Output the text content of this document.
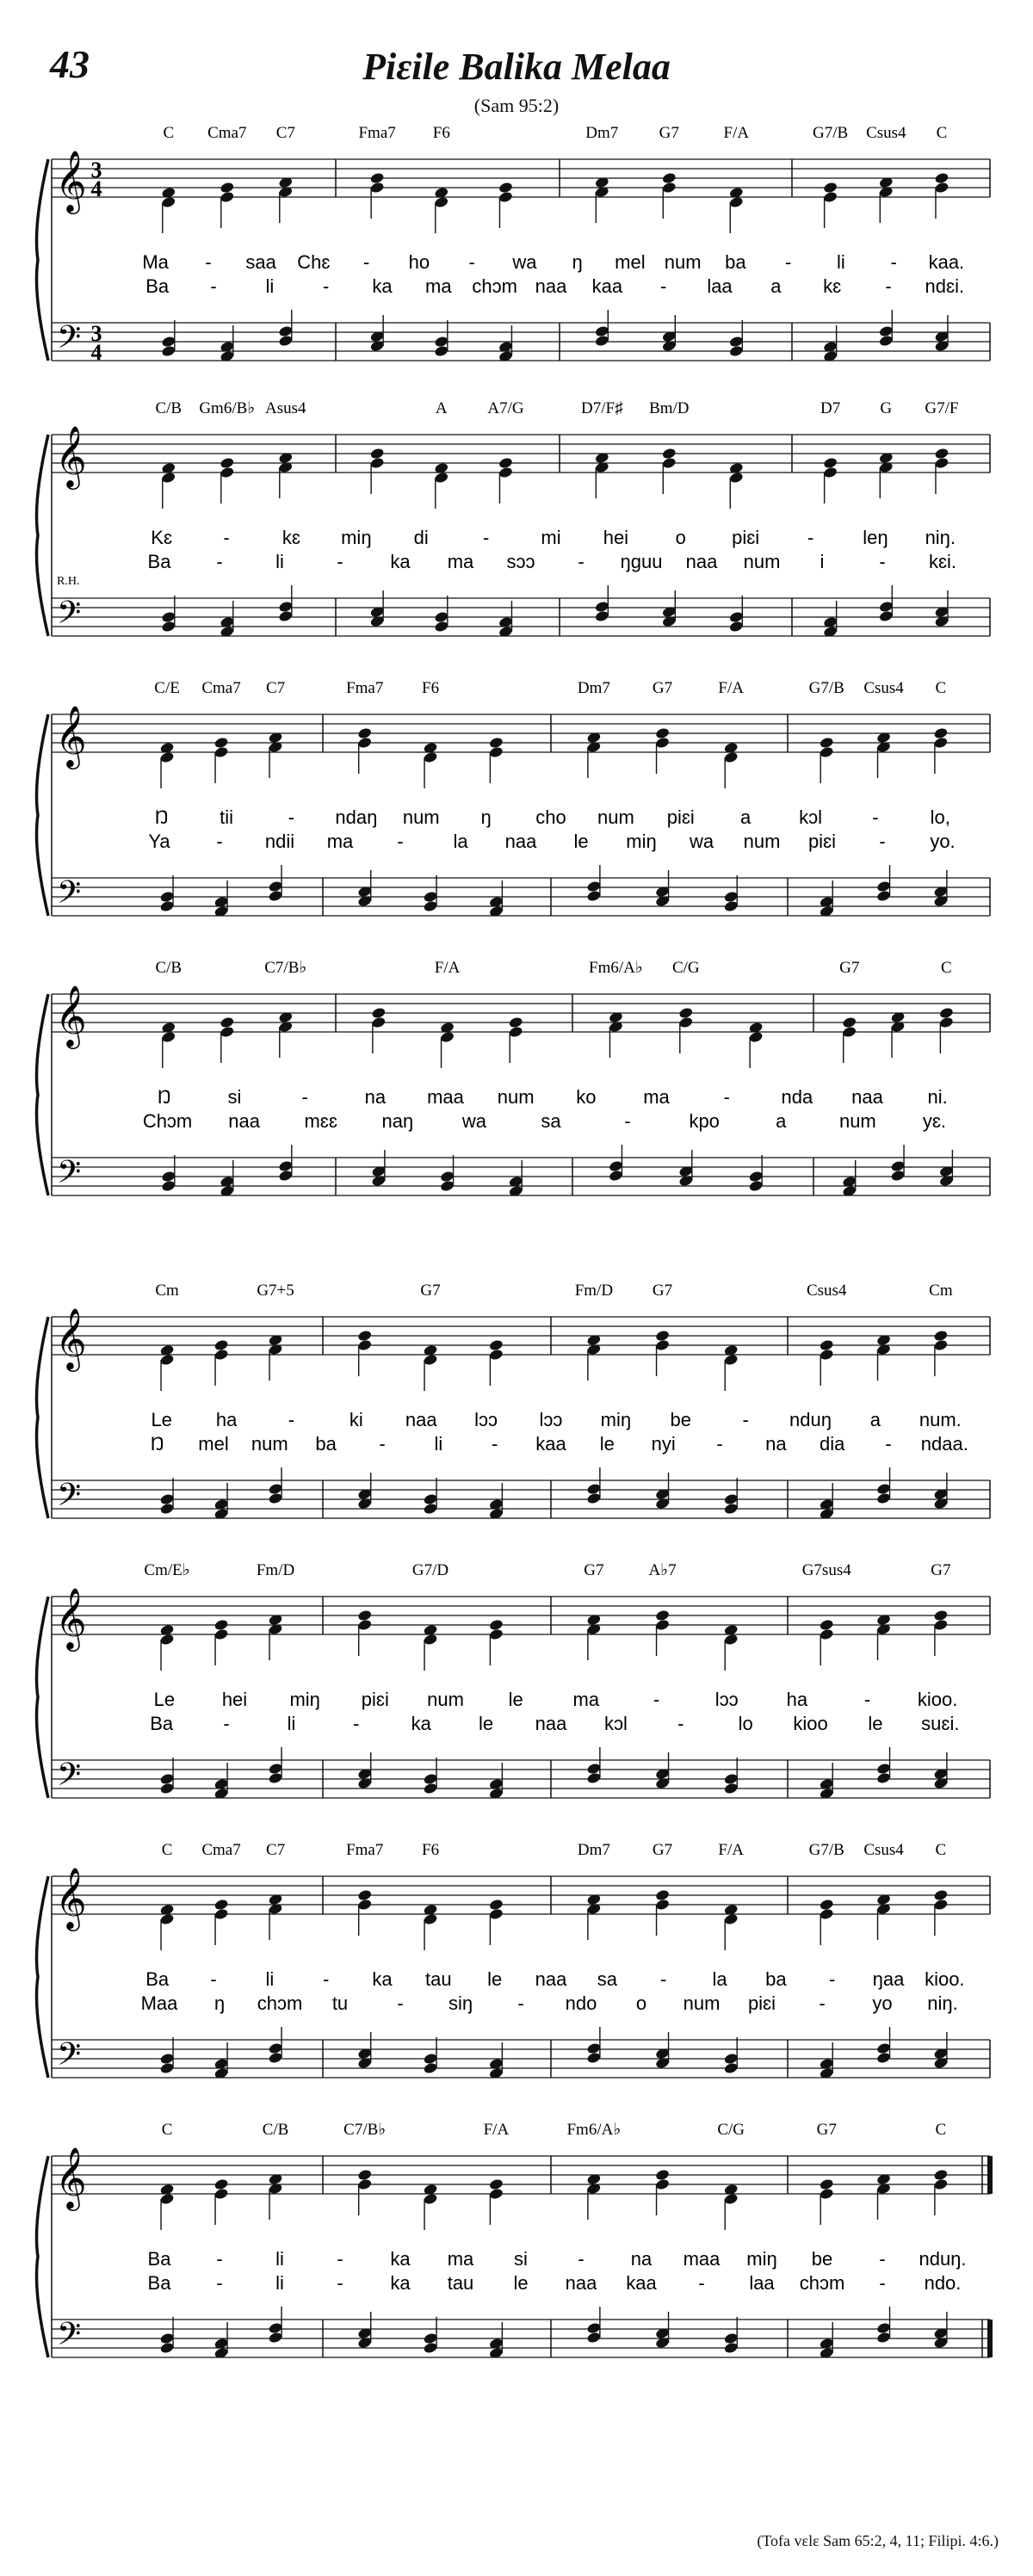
43	Piɛile Balika Melaa
(Sam 95:2)
𝄞
𝄢
3
4
3
4
C Cma7 C7	Fma7 F6	Dm7 G7	F/A	G7/B Csus4 C
Ma - saa Chɛ - ho - wa ŋ mel num ba - li - kaa.
Ba -	li	- ka ma chɔm naa kaa - laa a kɛ - ndɛi.
𝄞
𝄢
R.H.
C/B Gm6/B♭ Asus4	A A7/G	D7/F♯ Bm/D	D7 G G7/F
Kɛ	-	kɛ miŋ di	-	mi hei o piɛi	-	leŋ niŋ.
Ba -	li	- ka ma sɔɔ - ŋguu naa num i	- kɛi.
𝄞
𝄢
C/E Cma7 C7	Fma7 F6	Dm7	G7	F/A	G7/B Csus4 C
Ŋ	tii	- ndaŋ num ŋ cho num piɛi a	kɔl	-	lo,
Ya - ndii ma -	la naa le miŋ wa num piɛi - yo.
𝄞
𝄢
C/B	C7/B♭	F/A	Fm6/A♭ C/G	G7	C
Ŋ	si	-	na maa num ko ma	-	nda naa ni.
Chɔm naa mɛɛ naŋ	wa	sa	-	kpo	a	num yɛ.
𝄞
𝄢
Cm	G7+5	G7	Fm/D G7	Csus4	Cm
Le ha	-	ki naa lɔɔ lɔɔ miŋ be	- nduŋ a num.
Ŋ mel num ba -	li	- kaa le nyi - na dia - ndaa.
𝄞
𝄢
Cm/E♭	Fm/D	G7/D	G7	A♭7	G7sus4	G7
Le hei miŋ piɛi num le	ma	-	lɔɔ	ha	- kioo.
Ba	-	li	-	ka	le naa kɔl	-	lo kioo le suɛi.
𝄞
𝄢
C Cma7 C7	Fma7 F6	Dm7	G7	F/A	G7/B Csus4 C
Ba -	li	- ka tau le naa sa - la ba - ŋaa kioo.
Maa ŋ chɔm tu	- siŋ - ndo o num piɛi - yo niŋ.
𝄞
𝄢
C	C/B	C7/B♭	F/A	Fm6/A♭	C/G	G7	C
Ba -	li	- ka ma si	- na maa miŋ be - nduŋ.
Ba -	li	- ka tau le naa kaa - laa chɔm - ndo.
(Tofa vɛlɛ Sam 65:2, 4, 11; Filipi. 4:6.)
